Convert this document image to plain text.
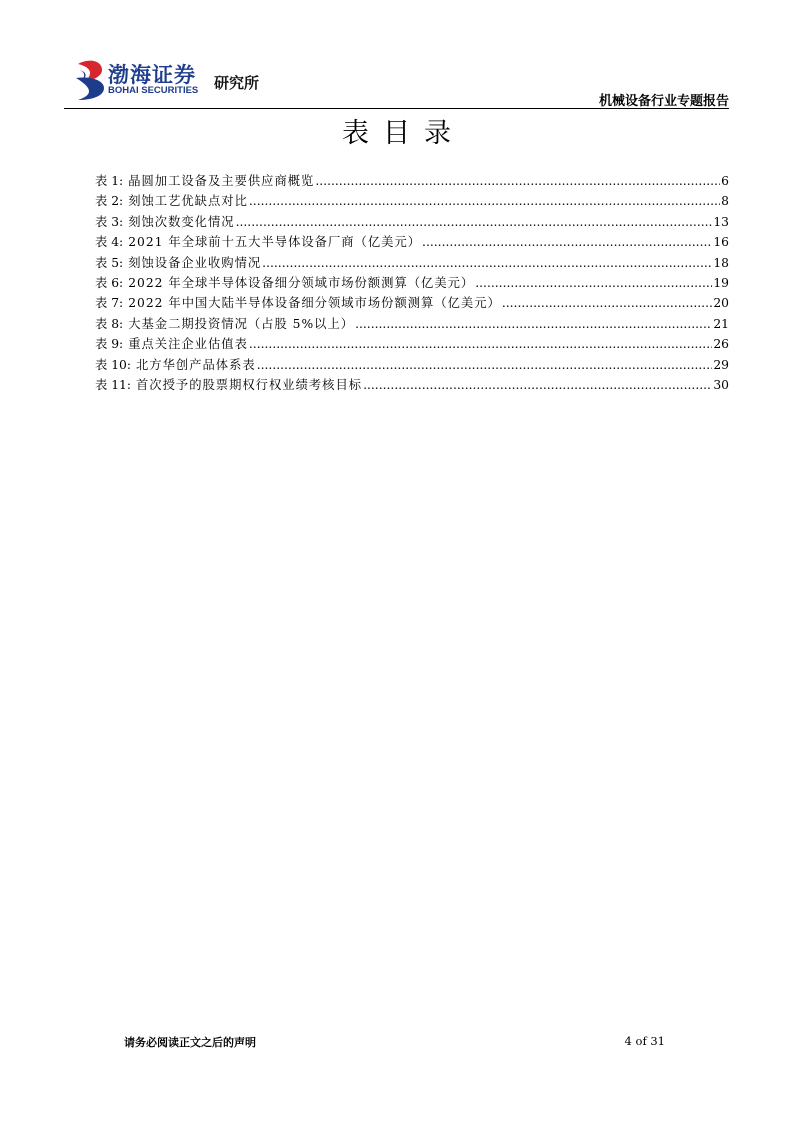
渤海证券
BOHAI SECURITIES 研究所
机械设备行业专题报告
表目录
表 1: 晶圆加工设备及主要供应商概览 .....	6
表 2: 刻蚀工艺优缺点对比 .....	8
表 3: 刻蚀次数变化情况 .....	13
表 4: 2021 年全球前十五大半导体设备厂商（亿美元） .....	16
表 5: 刻蚀设备企业收购情况 .....	18
表 6: 2022 年全球半导体设备细分领域市场份额测算（亿美元） .....	19
表 7: 2022 年中国大陆半导体设备细分领域市场份额测算（亿美元） .....	20
表 8: 大基金二期投资情况（占股 5%以上） .....	21
表 9: 重点关注企业估值表 .....	26
表 10: 北方华创产品体系表 .....	29
表 11: 首次授予的股票期权行权业绩考核目标 .....	30
请务必阅读正文之后的声明	4 of 31
